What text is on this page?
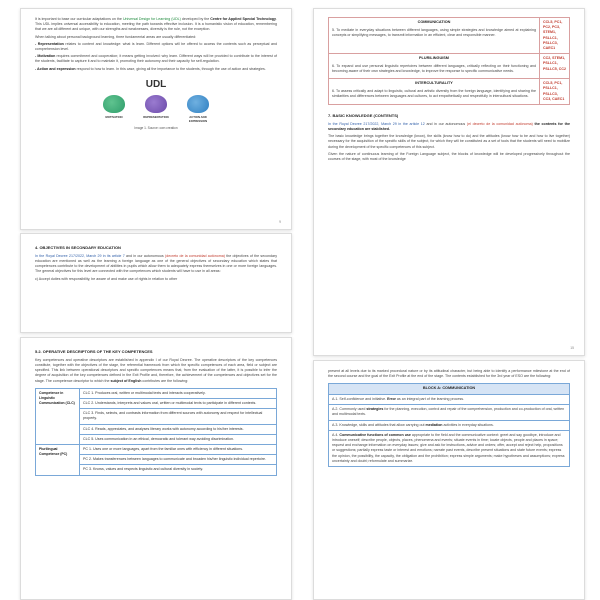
It is important to base our curricular adaptations on the Universal Design for Learning (UDL) developed by the Centre for Applied Special Technology. This UDL implies universal accessibility to education, meeting the path towards effective inclusion. It is a humanistic vision of education, remembering that we are all different and unique, with our strengths and weaknesses, diversity is the rule, not the exception.

When talking about personal background learning, three fundamental areas are usually differentiated:

- Representation relates to content and knowledge: what is learn. Different options will be offered to access the contents such as perceptual and comprehension level.

- Motivation requires commitment and cooperation; it means getting involved: why learn. Different ways will be provided to contribute to the interest of the students, facilitate to capture it and to maintain it, promoting their autonomy and their capacity for self-regulation.

- Action and expression respond to how to learn. In this case, giving all the importance to the students, through the use of action and strategies.

UDL
MOTIVATION	REPRESENTATION	ACTION AND EXPRESSION
Image 1. Source: own creation
9
COMMUNICATION
5. To mediate in everyday situations between different languages, using simple strategies and knowledge aimed at explaining concepts or simplifying messages, to transmit information in an efficient, clear and responsible manner.	CCL5, PC1, PC2, PC3, STEM1, PSLLC1, PSLLC3, CAEC1

PLURILINGUISM
6. To expand and use personal linguistic repertoires between different languages, critically reflecting on their functioning and becoming aware of their own strategies and knowledge, to improve the response to specific communicative needs.	CC2, STEM1, PSLLC1, PSLLC5, CC2

INTERCULTURALITY
6. To assess critically and adapt to linguistic, cultural and artistic diversity from the foreign language, identifying and sharing the similarities and differences between languages and cultures, to act empathetically and respectfully in intercultural situations.	CCL5, PC1, PSLLC1, PSLLC3, CC3, CAEC1
7. BASIC KNOWLEDGE (CONTENTS)

In the Royal Decree 217/2022, March 29 in the article 12 and in our autonomous (el decreto de la comunidad autónoma) the contents for the secondary education are stablished.

The basic knowledge brings together the knowledge (know), the skills (know how to do) and the attitudes (know how to be and how to live together) necessary for the acquisition of the specific skills of the subject, for which they will be constituted as a set of tools that the students will need to mobilize during the development of the specific competences of this subject.

Given the nature of continuous learning of the Foreign Language subject, the blocks of knowledge will be developed progressively throughout the courses of the stage, with most of the knowledge

15
4. OBJECTIVES IN SECONDARY EDUCATION

In the Royal Decree 217/2022, March 29 in its article 7 and in our autonomous (decreto de la comunidad autónoma) the objectives of the secondary education are mentioned as well as the learning a foreign language as one of the general objectives of secondary education which states that competences contribute to the development of abilities in pupils which allow them to adequately express themselves in one or more foreign languages. The general objectives for this level are connected with the competences which students will have to use in all areas:

c) Accept duties with responsibility, be aware of and make use of rights in relation to other

5.2. OPERATIVE DESCRIPTORS OF THE KEY COMPETENCES

Key competences and operative descriptors are established in appendix I of our Royal Decree. The operative descriptors of the key competences constitute, together with the objectives of the stage, the referential framework from which the specific competences of each area, field or subject are specified. This link between operational descriptors and specific competences means that, from the evaluation of the latter, it is possible to infer the degree of acquisition of the key competences defined in the Exit Profile and, therefore, the achievement of the competences and objectives set for the stage. The competence descriptor to which the subject of English contributes are the following:

Competence in Linguistic Communication (CLC)	CLC 1. Produces oral, written or multimodal texts and interacts cooperatively.
	CLC 2. Understands, interprets and values oral, written or multimodal texts to participate in different contexts.
	CLC 3. Finds, selects, and contrasts information from different sources with autonomy and respect for intellectual property.
	CLC 4. Reads, appreciates, and analyses literary works with autonomy according to his/her interests.
	CLC 5. Uses communication in an ethical, democratic and tolerant way avoiding discrimination.
Plurilingual Competence (PC)	PC 1. Uses one or more languages, apart from the familiar ones with efficiency in different situations.
	PC 2. Makes transferences between languages to communicate and broaden his/her linguistic individual repertoire.
	PC 3. Knows, values and respects linguistic and cultural diversity in society.

present at all levels due to its marked procedural nature or by its attitudinal character, but being able to identify a performance milestone at the end of the second course and the goal of the Exit Profile at the end of the stage. The contents established for the 3rd year of ESO are the following:

BLOCK A: COMMUNICATION
A.1. Self-confidence and initiative. Error as an integral part of the learning process.
A.2. Commonly used strategies for the planning, execution, control and repair of the comprehension, production and co-production of oral, written and multimodal texts.
A.3. Knowledge, skills and attitudes that allow carrying out mediation activities in everyday situations.
A.4. Communicative functions of common use appropriate to the field and the communicative context: greet and say goodbye, introduce and introduce oneself; describe people, objects, places, phenomena and events; situate events in time; locate objects, people and places in space; request and exchange information on everyday issues; give and ask for instructions, advice and orders; offer, accept and reject help, propositions or suggestions; partially express taste or interest and emotions; narrate past events, describe present situations and state future events; express the opinion, the possibility, the capacity, the obligation and the prohibition; express simple arguments; make hypotheses and assumptions; express uncertainty and doubt; reformulate and summarize.
